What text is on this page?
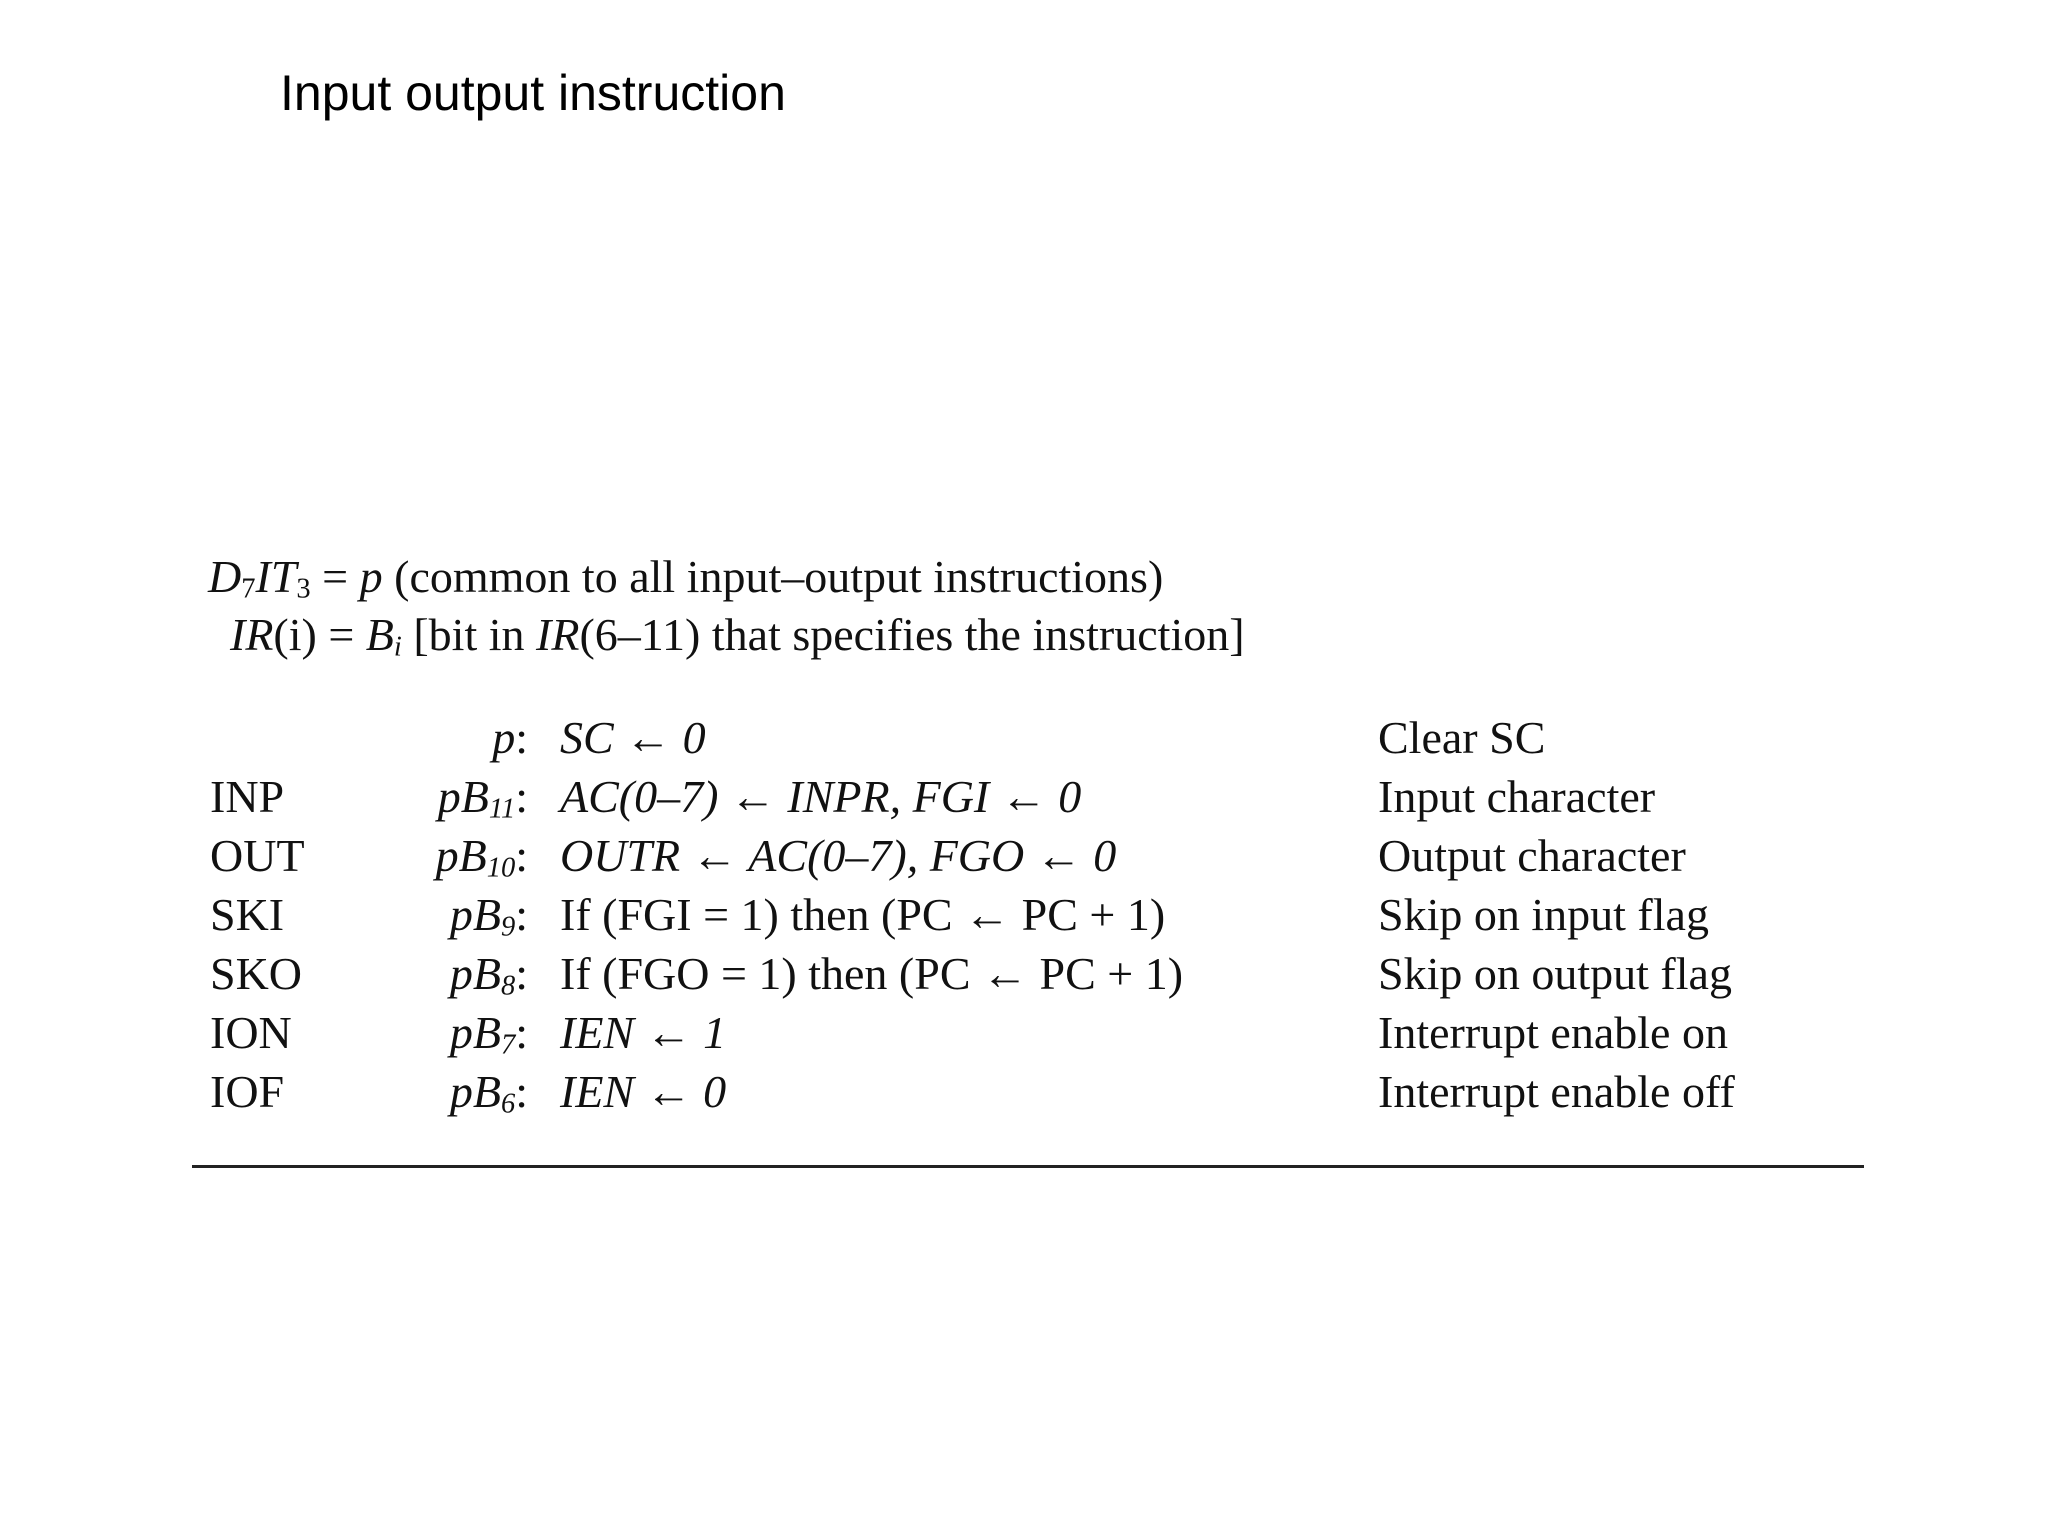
Input output instruction
$D_7IT_3 = p$ (common to all input–output instructions)
$IR(i) = B_i$ [bit in IR(6–11) that specifies the instruction]
	p:	SC ← 0	Clear SC
INP	$pB_{11}$:	AC(0–7) ← INPR, FGI ← 0	Input character
OUT	$pB_{10}$:	OUTR ← AC(0–7), FGO ← 0	Output character
SKI	$pB_9$:	If (FGI = 1) then (PC ← PC + 1)	Skip on input flag
SKO	$pB_8$:	If (FGO = 1) then (PC ← PC + 1)	Skip on output flag
ION	$pB_7$:	IEN ← 1	Interrupt enable on
IOF	$pB_6$:	IEN ← 0	Interrupt enable off
